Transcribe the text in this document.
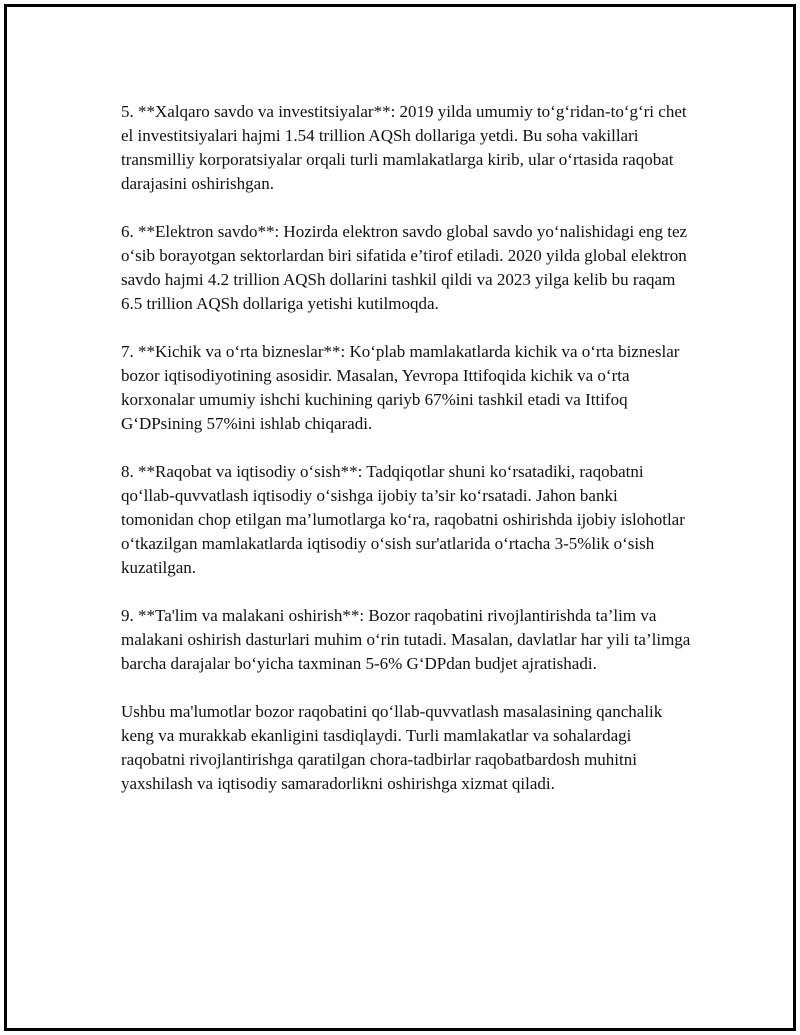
5. **Xalqaro savdo va investitsiyalar**: 2019 yilda umumiy to‘g‘ridan-to‘g‘ri chet el investitsiyalari hajmi 1.54 trillion AQSh dollariga yetdi. Bu soha vakillari transmilliy korporatsiyalar orqali turli mamlakatlarga kirib, ular o‘rtasida raqobat darajasini oshirishgan.

6. **Elektron savdo**: Hozirda elektron savdo global savdo yo‘nalishidagi eng tez o‘sib borayotgan sektorlardan biri sifatida e’tirof etiladi. 2020 yilda global elektron savdo hajmi 4.2 trillion AQSh dollarini tashkil qildi va 2023 yilga kelib bu raqam 6.5 trillion AQSh dollariga yetishi kutilmoqda.

7. **Kichik va o‘rta bizneslar**: Ko‘plab mamlakatlarda kichik va o‘rta bizneslar bozor iqtisodiyotining asosidir. Masalan, Yevropa Ittifoqida kichik va o‘rta korxonalar umumiy ishchi kuchining qariyb 67%ini tashkil etadi va Ittifoq G‘DPsining 57%ini ishlab chiqaradi.

8. **Raqobat va iqtisodiy o‘sish**: Tadqiqotlar shuni ko‘rsatadiki, raqobatni qo‘llab-quvvatlash iqtisodiy o‘sishga ijobiy ta’sir ko‘rsatadi. Jahon banki tomonidan chop etilgan ma’lumotlarga ko‘ra, raqobatni oshirishda ijobiy islohotlar o‘tkazilgan mamlakatlarda iqtisodiy o‘sish sur'atlarida o‘rtacha 3-5%lik o‘sish kuzatilgan.

9. **Ta'lim va malakani oshirish**: Bozor raqobatini rivojlantirishda ta’lim va malakani oshirish dasturlari muhim o‘rin tutadi. Masalan, davlatlar har yili ta’limga barcha darajalar bo‘yicha taxminan 5-6% G‘DPdan budjet ajratishadi.

Ushbu ma'lumotlar bozor raqobatini qo‘llab-quvvatlash masalasining qanchalik keng va murakkab ekanligini tasdiqlaydi. Turli mamlakatlar va sohalardagi raqobatni rivojlantirishga qaratilgan chora-tadbirlar raqobatbardosh muhitni yaxshilash va iqtisodiy samaradorlikni oshirishga xizmat qiladi.
